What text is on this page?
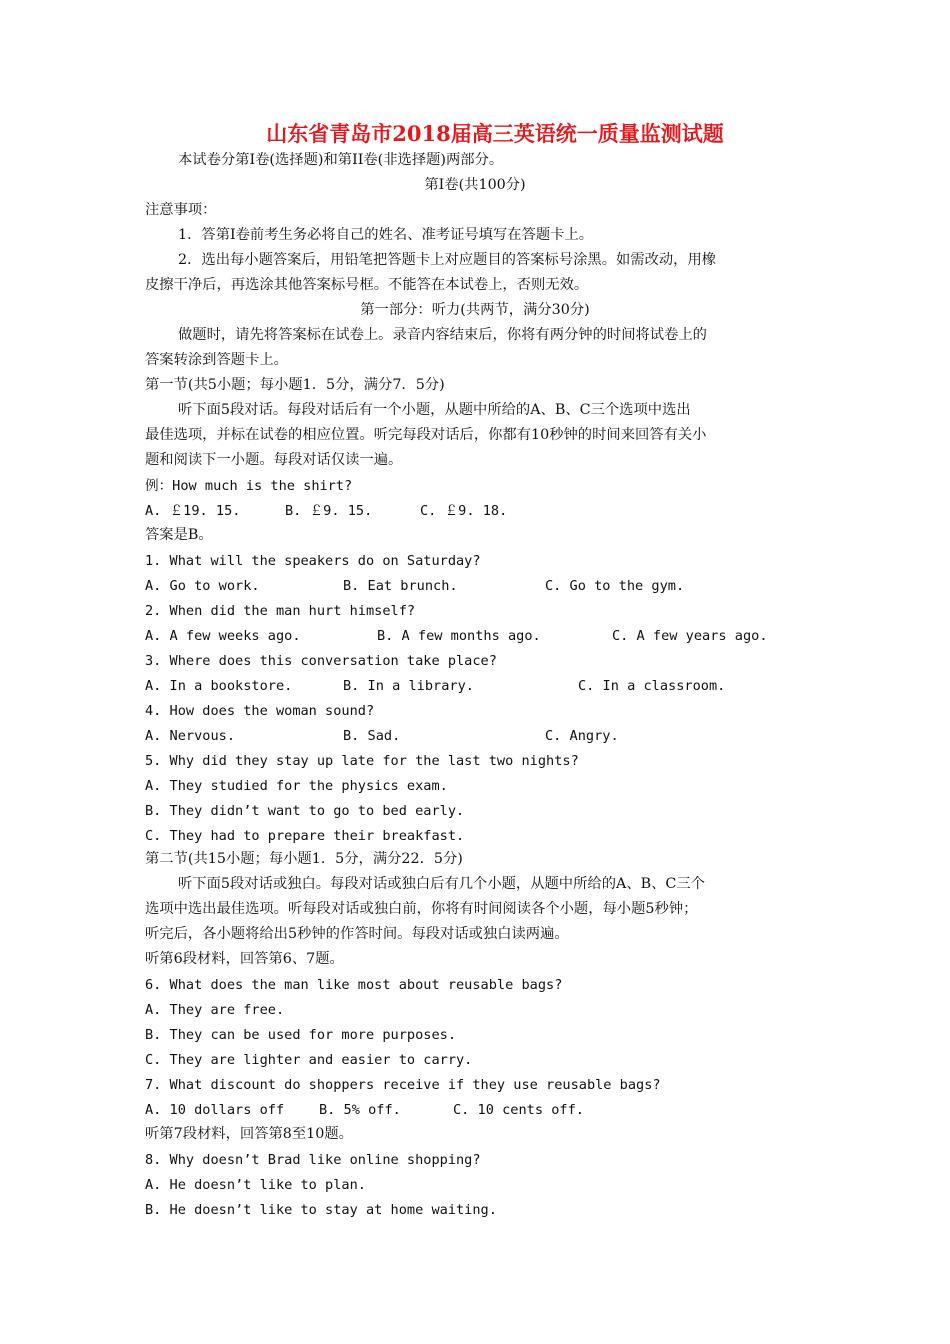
山东省青岛市2018届高三英语统一质量监测试题
本试卷分第I卷(选择题)和第II卷(非选择题)两部分。
第I卷(共100分)
注意事项：
1．答第I卷前考生务必将自己的姓名、准考证号填写在答题卡上。
2．选出每小题答案后，用铅笔把答题卡上对应题目的答案标号涂黑。如需改动，用橡
皮擦干净后，再选涂其他答案标号框。不能答在本试卷上，否则无效。
第一部分：听力(共两节，满分30分)
做题时，请先将答案标在试卷上。录音内容结束后，你将有两分钟的时间将试卷上的
答案转涂到答题卡上。
第一节(共5小题；每小题1．5分，满分7．5分)
听下面5段对话。每段对话后有一个小题，从题中所给的A、B、C三个选项中选出
最佳选项，并标在试卷的相应位置。听完每段对话后，你都有10秒钟的时间来回答有关小
题和阅读下一小题。每段对话仅读一遍。
例：How much is the shirt?
A. ￡19. 15.	B. ￡9. 15.	C. ￡9. 18.
答案是B。
1. What will the speakers do on Saturday?
A. Go to work.	B. Eat brunch.	C. Go to the gym.
2. When did the man hurt himself?
A. A few weeks ago.	B. A few months ago.	C. A few years ago.
3. Where does this conversation take place?
A. In a bookstore.	B. In a library.	C. In a classroom.
4. How does the woman sound?
A. Nervous.	B. Sad.	C. Angry.
5. Why did they stay up late for the last two nights?
A. They studied for the physics exam.
B. They didn’t want to go to bed early.
C. They had to prepare their breakfast.
第二节(共15小题；每小题1．5分，满分22．5分)
听下面5段对话或独白。每段对话或独白后有几个小题，从题中所给的A、B、C三个
选项中选出最佳选项。听每段对话或独白前，你将有时间阅读各个小题，每小题5秒钟；
听完后，各小题将给出5秒钟的作答时间。每段对话或独白读两遍。
听第6段材料，回答第6、7题。
6. What does the man like most about reusable bags?
A. They are free.
B. They can be used for more purposes.
C. They are lighter and easier to carry.
7. What discount do shoppers receive if they use reusable bags?
A. 10 dollars off	B. 5% off.	C. 10 cents off.
听第7段材料，回答第8至10题。
8. Why doesn’t Brad like online shopping?
A. He doesn’t like to plan.
B. He doesn’t like to stay at home waiting.
